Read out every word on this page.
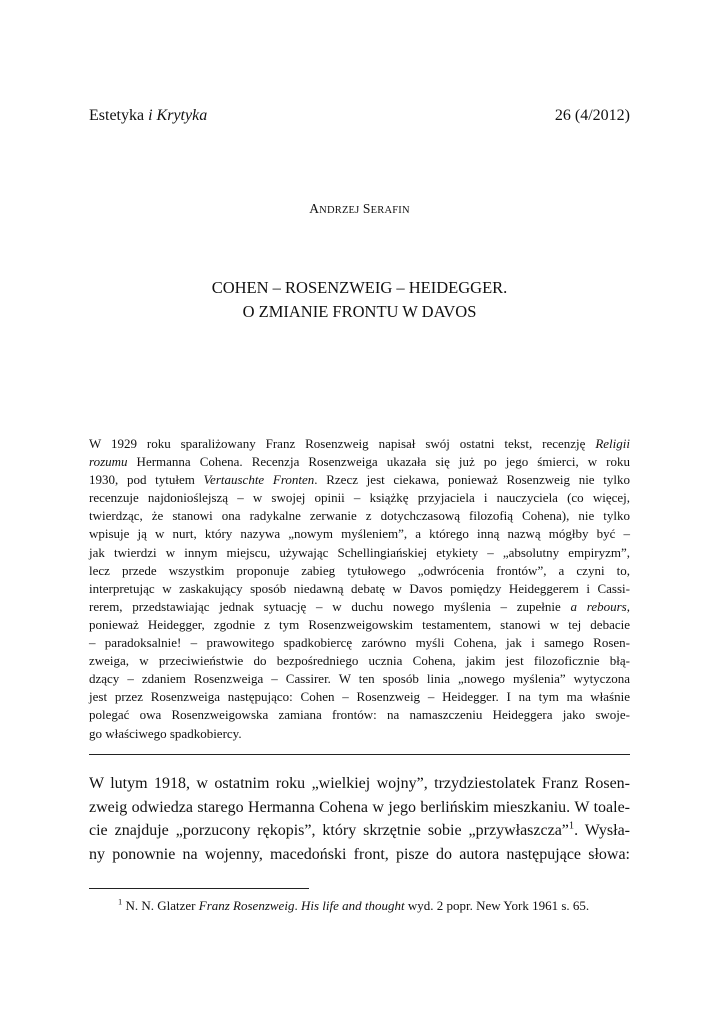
Estetyka i Krytyka	26 (4/2012)
ANDRZEJ SERAFIN
COHEN – ROSENZWEIG – HEIDEGGER.
O ZMIANIE FRONTU W DAVOS
W 1929 roku sparaliżowany Franz Rosenzweig napisał swój ostatni tekst, recenzję Religii
rozumu Hermanna Cohena. Recenzja Rosenzweiga ukazała się już po jego śmierci, w roku
1930, pod tytułem Vertauschte Fronten. Rzecz jest ciekawa, ponieważ Rosenzweig nie tylko
recenzuje najdonioślejszą – w swojej opinii – książkę przyjaciela i nauczyciela (co więcej,
twierdząc, że stanowi ona radykalne zerwanie z dotychczasową filozofią Cohena), nie tylko
wpisuje ją w nurt, który nazywa „nowym myśleniem”, a którego inną nazwą mógłby być –
jak twierdzi w innym miejscu, używając Schellingiańskiej etykiety – „absolutny empiryzm”,
lecz przede wszystkim proponuje zabieg tytułowego „odwrócenia frontów”, a czyni to,
interpretując w zaskakujący sposób niedawną debatę w Davos pomiędzy Heideggerem i Cassi-
rerem, przedstawiając jednak sytuację – w duchu nowego myślenia – zupełnie a rebours,
ponieważ Heidegger, zgodnie z tym Rosenzweigowskim testamentem, stanowi w tej debacie
– paradoksalnie! – prawowitego spadkobiercę zarówno myśli Cohena, jak i samego Rosen-
zweiga, w przeciwieństwie do bezpośredniego ucznia Cohena, jakim jest filozoficznie błą-
dzący – zdaniem Rosenzweiga – Cassirer. W ten sposób linia „nowego myślenia” wytyczona
jest przez Rosenzweiga następująco: Cohen – Rosenzweig – Heidegger. I na tym ma właśnie
polegać owa Rosenzweigowska zamiana frontów: na namaszczeniu Heideggera jako swoje-
go właściwego spadkobiercy.
W lutym 1918, w ostatnim roku „wielkiej wojny”, trzydziestolatek Franz Rosen-
zweig odwiedza starego Hermanna Cohena w jego berlińskim mieszkaniu. W toale-
cie znajduje „porzucony rękopis”, który skrzętnie sobie „przywłaszcza”$^1$. Wysła-
ny ponownie na wojenny, macedoński front, pisze do autora następujące słowa:
$^1$ N. N. Glatzer Franz Rosenzweig. His life and thought wyd. 2 popr. New York 1961 s. 65.
